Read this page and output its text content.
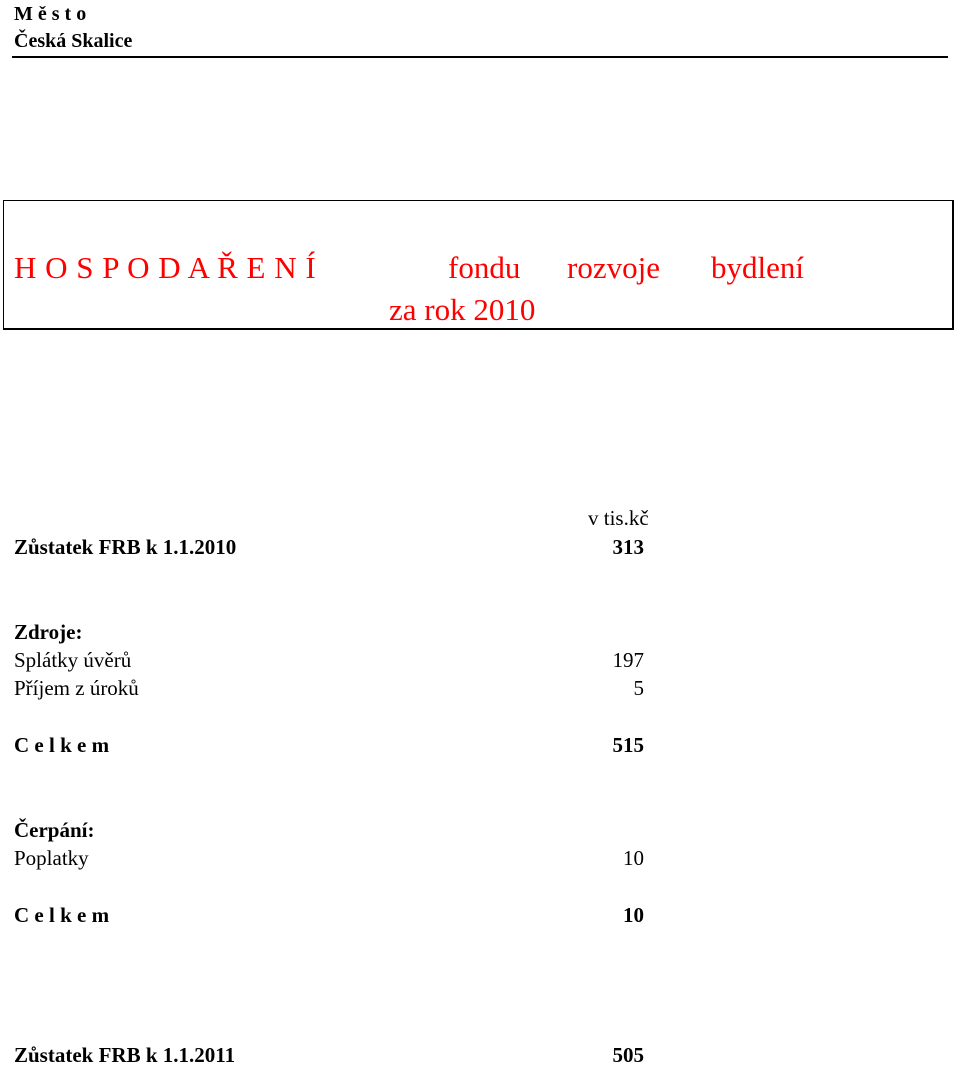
M ě s t o
Česká Skalice
H O S P O D A Ř E N Í	fondu rozvoje bydlení
za rok 2010
v tis.kč
Zůstatek FRB k 1.1.2010	313
Zdroje:
Splátky úvěrů	197
Příjem z úroků	5
C e l k e m	515
Čerpání:
Poplatky	10
C e l k e m	10
Zůstatek FRB k 1.1.2011	505
